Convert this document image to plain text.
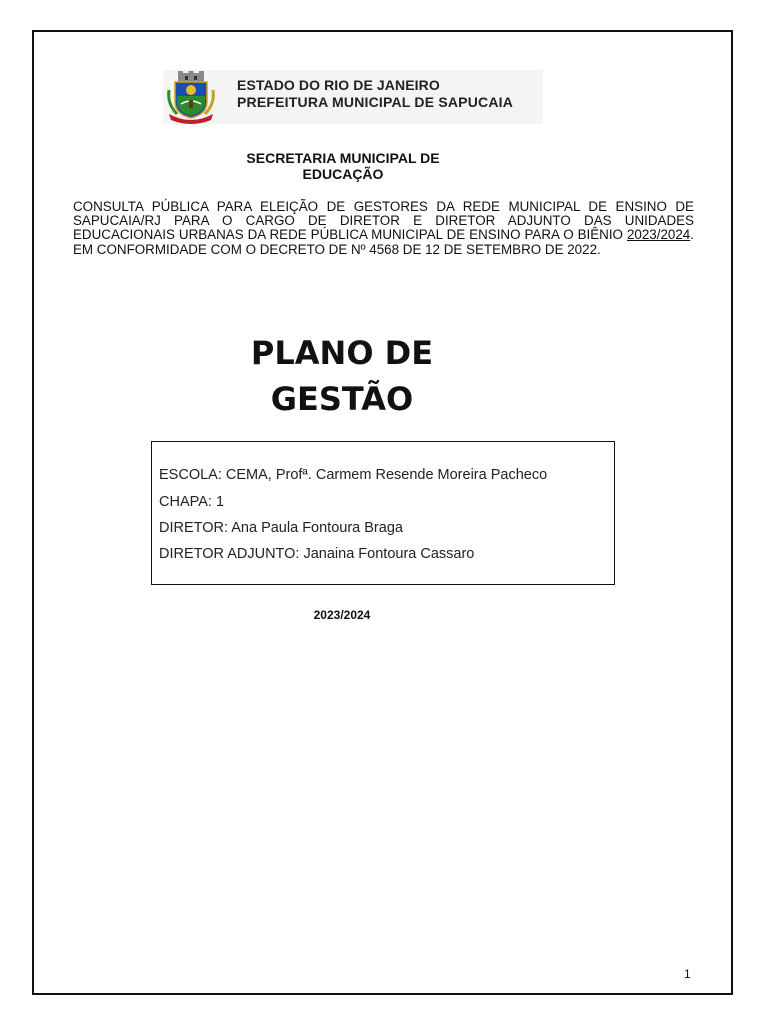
ESTADO DO RIO DE JANEIRO
PREFEITURA MUNICIPAL DE SAPUCAIA
SECRETARIA MUNICIPAL DE
EDUCAÇÃO
CONSULTA PÚBLICA PARA ELEIÇÃO DE GESTORES DA REDE MUNICIPAL DE ENSINO DE SAPUCAIA/RJ PARA O CARGO DE DIRETOR E DIRETOR ADJUNTO DAS UNIDADES EDUCACIONAIS URBANAS DA REDE PÚBLICA MUNICIPAL DE ENSINO PARA O BIÊNIO 2023/2024. EM CONFORMIDADE COM O DECRETO DE Nº 4568 DE 12 DE SETEMBRO DE 2022.
PLANO DE
GESTÃO
ESCOLA: CEMA, Profª. Carmem Resende Moreira Pacheco
CHAPA: 1
DIRETOR: Ana Paula Fontoura Braga
DIRETOR ADJUNTO: Janaina Fontoura Cassaro
2023/2024
1
